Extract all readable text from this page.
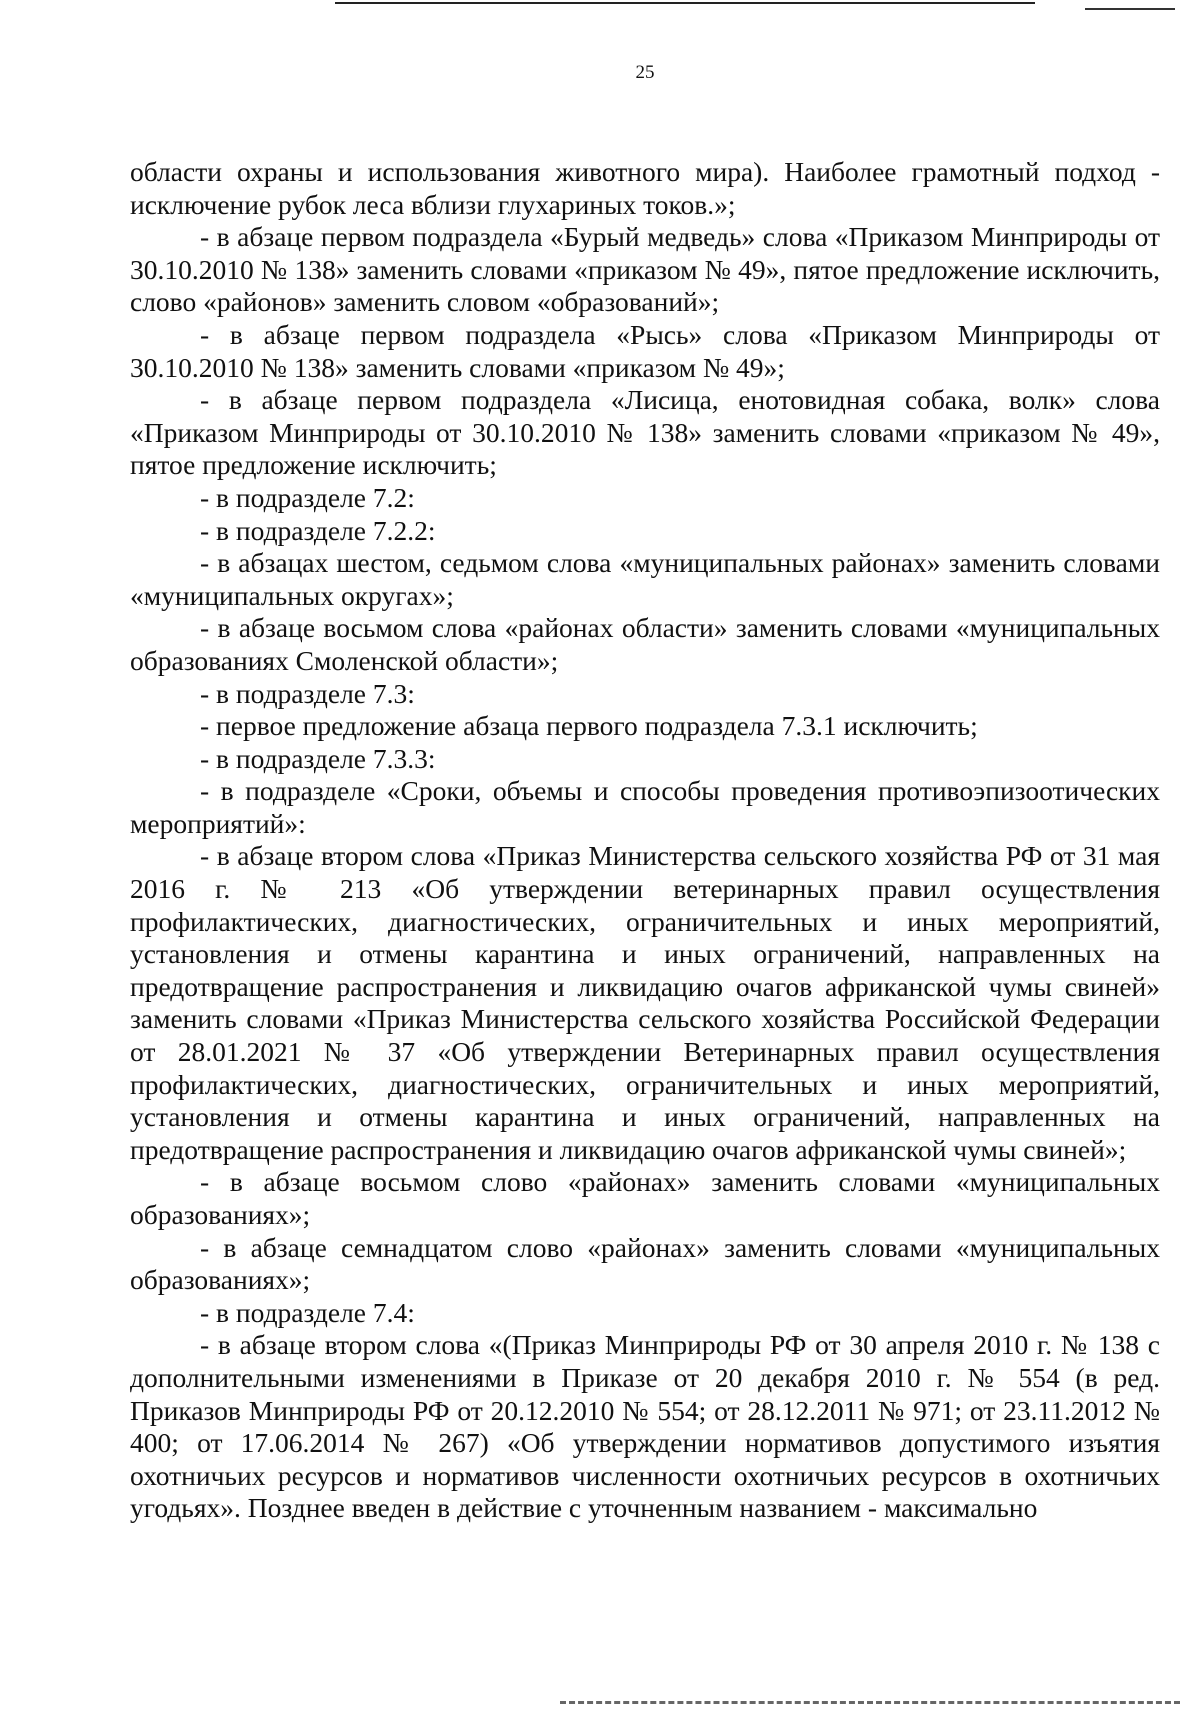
25

области охраны и использования животного мира). Наиболее грамотный подход - исключение рубок леса вблизи глухариных токов.»;

- в абзаце первом подраздела «Бурый медведь» слова «Приказом Минприроды от 30.10.2010 № 138» заменить словами «приказом № 49», пятое предложение исключить, слово «районов» заменить словом «образований»;

- в абзаце первом подраздела «Рысь» слова «Приказом Минприроды от 30.10.2010 № 138» заменить словами «приказом № 49»;

- в абзаце первом подраздела «Лисица, енотовидная собака, волк» слова «Приказом Минприроды от 30.10.2010 № 138» заменить словами «приказом № 49», пятое предложение исключить;

- в подразделе 7.2:

- в подразделе 7.2.2:

- в абзацах шестом, седьмом слова «муниципальных районах» заменить словами «муниципальных округах»;

- в абзаце восьмом слова «районах области» заменить словами «муниципальных образованиях Смоленской области»;

- в подразделе 7.3:

- первое предложение абзаца первого подраздела 7.3.1 исключить;

- в подразделе 7.3.3:

- в подразделе «Сроки, объемы и способы проведения противоэпизоотических мероприятий»:

- в абзаце втором слова «Приказ Министерства сельского хозяйства РФ от 31 мая 2016 г. № 213 «Об утверждении ветеринарных правил осуществления профилактических, диагностических, ограничительных и иных мероприятий, установления и отмены карантина и иных ограничений, направленных на предотвращение распространения и ликвидацию очагов африканской чумы свиней» заменить словами «Приказ Министерства сельского хозяйства Российской Федерации от 28.01.2021 № 37 «Об утверждении Ветеринарных правил осуществления профилактических, диагностических, ограничительных и иных мероприятий, установления и отмены карантина и иных ограничений, направленных на предотвращение распространения и ликвидацию очагов африканской чумы свиней»;

- в абзаце восьмом слово «районах» заменить словами «муниципальных образованиях»;

- в абзаце семнадцатом слово «районах» заменить словами «муниципальных образованиях»;

- в подразделе 7.4:

- в абзаце втором слова «(Приказ Минприроды РФ от 30 апреля 2010 г. № 138 с дополнительными изменениями в Приказе от 20 декабря 2010 г. № 554 (в ред. Приказов Минприроды РФ от 20.12.2010 № 554; от 28.12.2011 № 971; от 23.11.2012 № 400; от 17.06.2014 № 267) «Об утверждении нормативов допустимого изъятия охотничьих ресурсов и нормативов численности охотничьих ресурсов в охотничьих угодьях». Позднее введен в действие с уточненным названием - максимально
